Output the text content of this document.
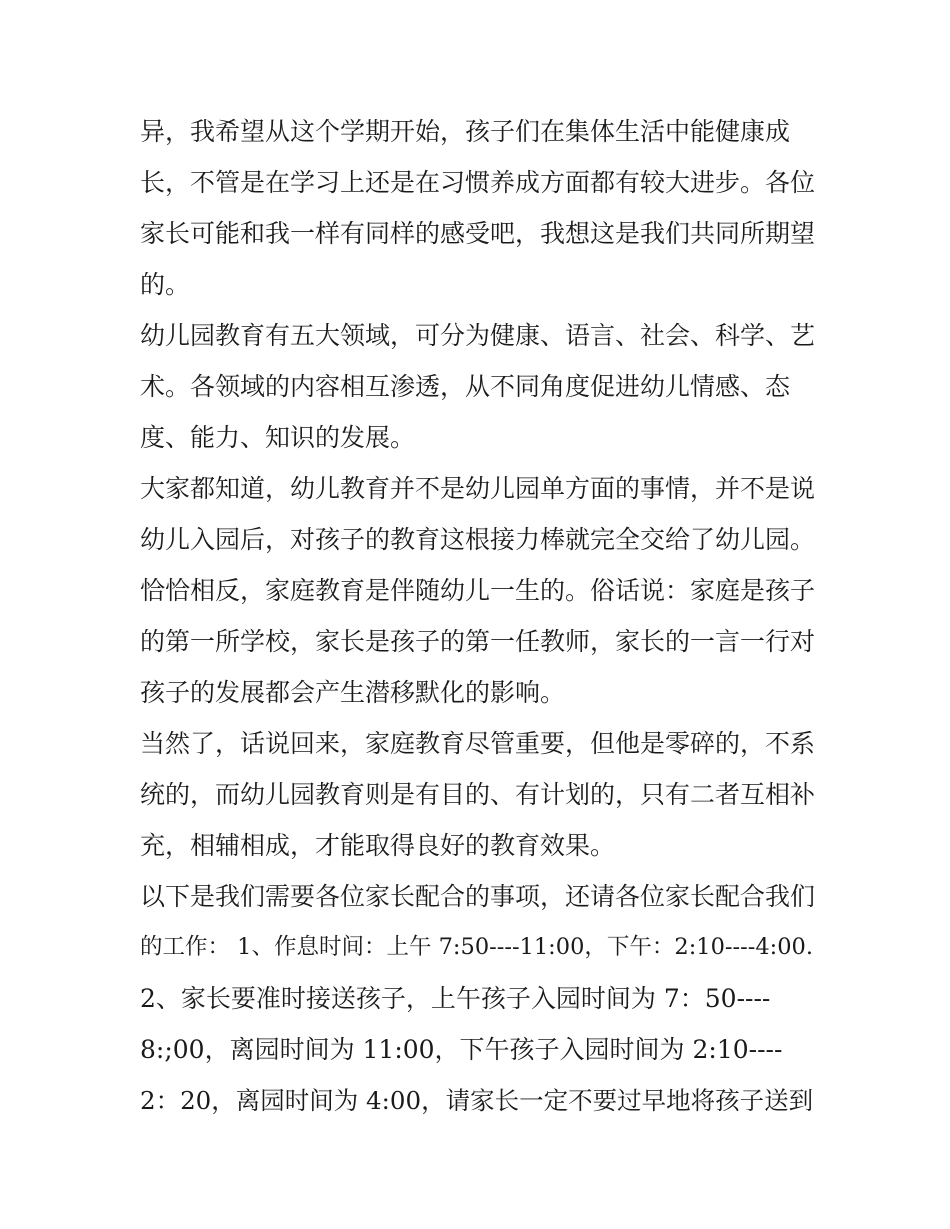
异，我希望从这个学期开始，孩子们在集体生活中能健康成
长，不管是在学习上还是在习惯养成方面都有较大进步。各位
家长可能和我一样有同样的感受吧，我想这是我们共同所期望
的。
幼儿园教育有五大领域，可分为健康、语言、社会、科学、艺
术。各领域的内容相互渗透，从不同角度促进幼儿情感、态
度、能力、知识的发展。
大家都知道，幼儿教育并不是幼儿园单方面的事情，并不是说
幼儿入园后，对孩子的教育这根接力棒就完全交给了幼儿园。
恰恰相反，家庭教育是伴随幼儿一生的。俗话说：家庭是孩子
的第一所学校，家长是孩子的第一任教师，家长的一言一行对
孩子的发展都会产生潜移默化的影响。
当然了，话说回来，家庭教育尽管重要，但他是零碎的，不系
统的，而幼儿园教育则是有目的、有计划的，只有二者互相补
充，相辅相成，才能取得良好的教育效果。
以下是我们需要各位家长配合的事项，还请各位家长配合我们
的工作： 1、作息时间：上午 7:50----11:00，下午：2:10----4:00.
2、家长要准时接送孩子，上午孩子入园时间为 7：50----
8:;00，离园时间为 11:00，下午孩子入园时间为 2:10----
2：20，离园时间为 4:00，请家长一定不要过早地将孩子送到
